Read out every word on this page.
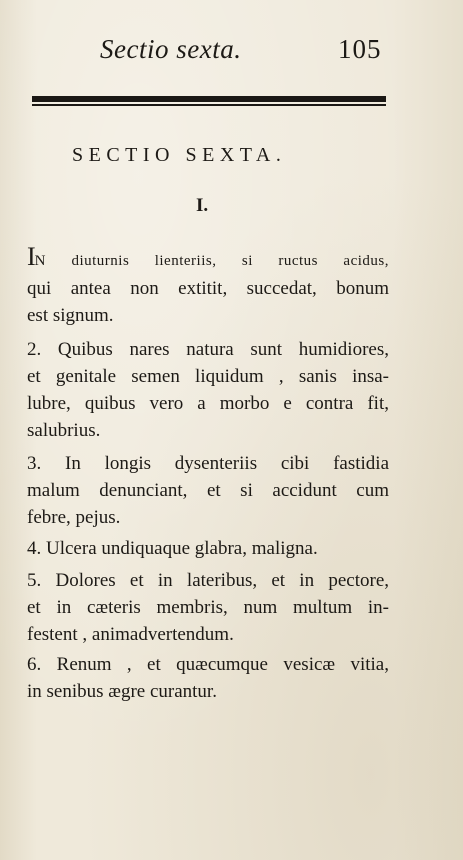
Sectio sexta.	105
SECTIO SEXTA.
I.
IN diuturnis lienteriis, si ructus acidus,
qui antea non extitit, succedat, bonum
est signum.
2. Quibus nares natura sunt humidiores,
et genitale semen liquidum , sanis insa-
lubre, quibus vero a morbo e contra fit,
salubrius.
3. In longis dysenteriis cibi fastidia
malum denunciant, et si accidunt cum
febre, pejus.
4. Ulcera undiquaque glabra, maligna.
5. Dolores et in lateribus, et in pectore,
et in cæteris membris, num multum in-
festent , animadvertendum.
6. Renum , et quæcumque vesicæ vitia,
in senibus ægre curantur.
